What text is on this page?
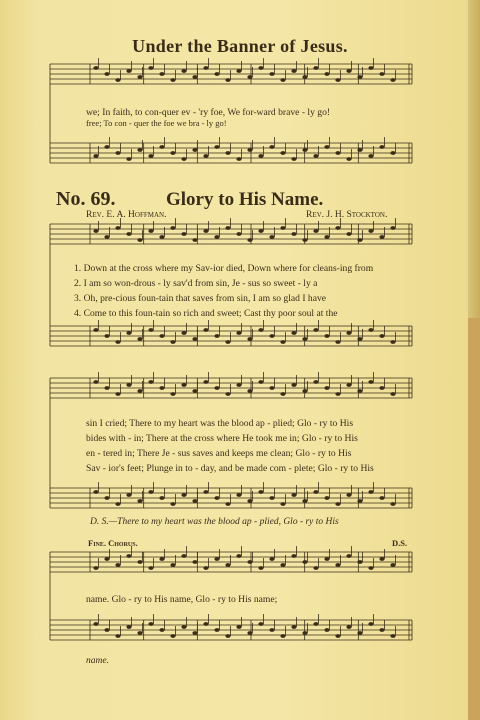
Under the Banner of Jesus.
we; In faith, to con-quer ev - 'ry foe, We for-ward brave - ly go!
free; To con - quer the foe we bra - ly go!
No. 69.	Glory to His Name.
Rev. E. A. Hoffman.	Rev. J. H. Stockton.
1. Down at the cross where my Sav-ior died, Down where for cleans-ing from
2. I am so won-drous - ly sav'd from sin, Je - sus so sweet - ly a
3. Oh, pre-cious foun-tain that saves from sin, I am so glad I have
4. Come to this foun-tain so rich and sweet; Cast thy poor soul at the
sin I cried; There to my heart was the blood ap - plied; Glo - ry to His
bides with - in; There at the cross where He took me in; Glo - ry to His
en - tered in; There Je - sus saves and keeps me clean; Glo - ry to His
Sav - ior's feet; Plunge in to - day, and be made com - plete; Glo - ry to His
D. S.—There to my heart was the blood ap - plied, Glo - ry to His
Fine. Chorus.	D.S.
name. Glo - ry to His name, Glo - ry to His name;
name.
